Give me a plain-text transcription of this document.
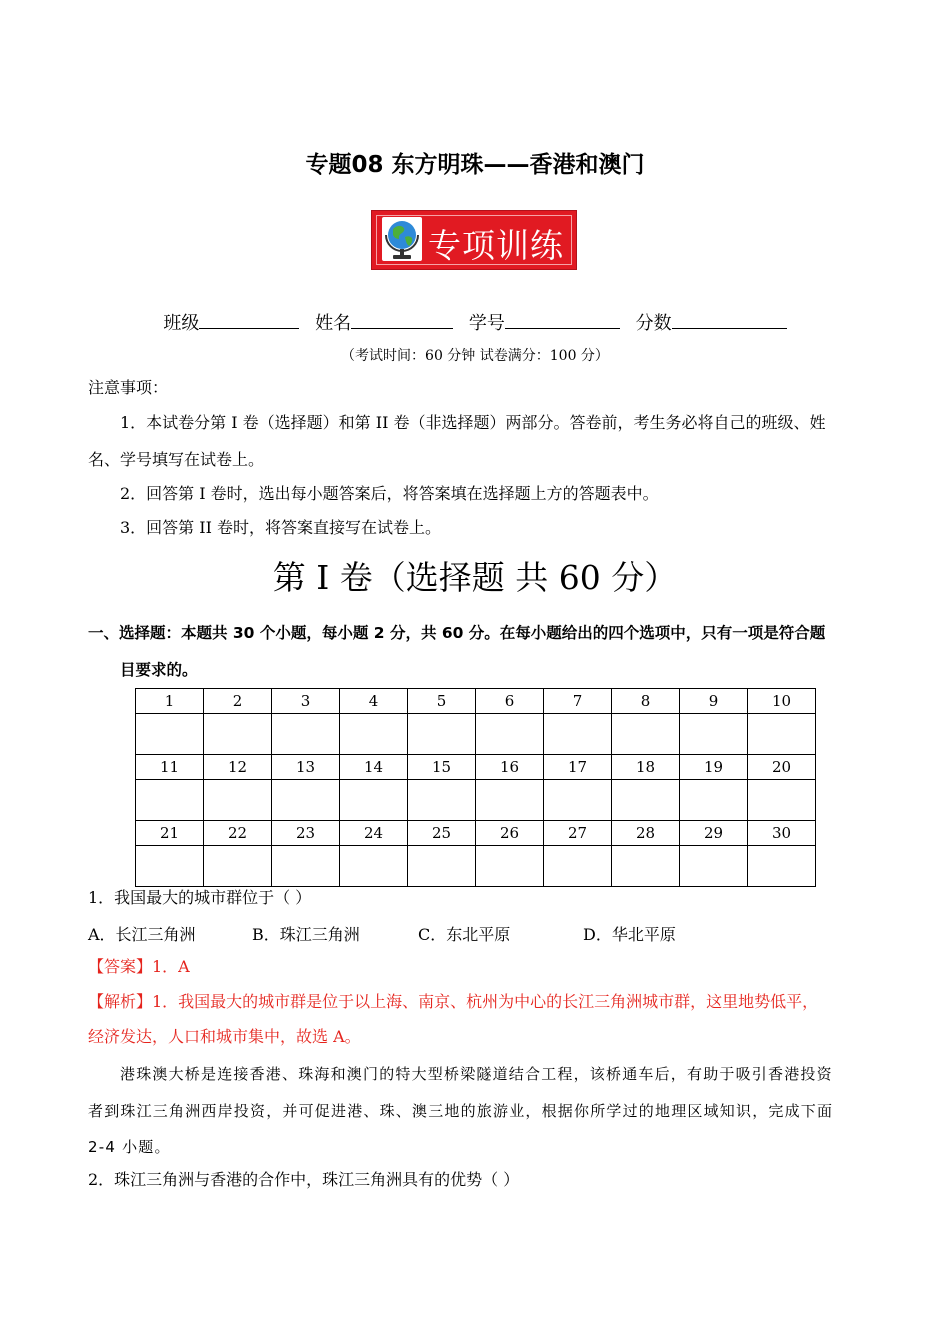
专题08 东方明珠——香港和澳门
专项训练
班级	姓名	学号	分数
（考试时间：60 分钟 试卷满分：100 分）
注意事项：
1．本试卷分第 I 卷（选择题）和第 II 卷（非选择题）两部分。答卷前，考生务必将自己的班级、姓
名、学号填写在试卷上。
2．回答第 I 卷时，选出每小题答案后，将答案填在选择题上方的答题表中。
3．回答第 II 卷时，将答案直接写在试卷上。
第 I 卷（选择题 共 60 分）
一、选择题：本题共 30 个小题，每小题 2 分，共 60 分。在每小题给出的四个选项中，只有一项是符合题
目要求的。
1	2	3	4	5	6	7	8	9	10

11	12	13	14	15	16	17	18	19	20

21	22	23	24	25	26	27	28	29	30

1．我国最大的城市群位于（ ）
A．长江三角洲	B．珠江三角洲	C．东北平原	D．华北平原
【答案】1．A
【解析】1．我国最大的城市群是位于以上海、南京、杭州为中心的长江三角洲城市群，这里地势低平，
经济发达，人口和城市集中，故选 A。
港珠澳大桥是连接香港、珠海和澳门的特大型桥梁隧道结合工程，该桥通车后，有助于吸引香港投资
者到珠江三角洲西岸投资，并可促进港、珠、澳三地的旅游业，根据你所学过的地理区域知识，完成下面
2-4 小题。
2．珠江三角洲与香港的合作中，珠江三角洲具有的优势（ ）
